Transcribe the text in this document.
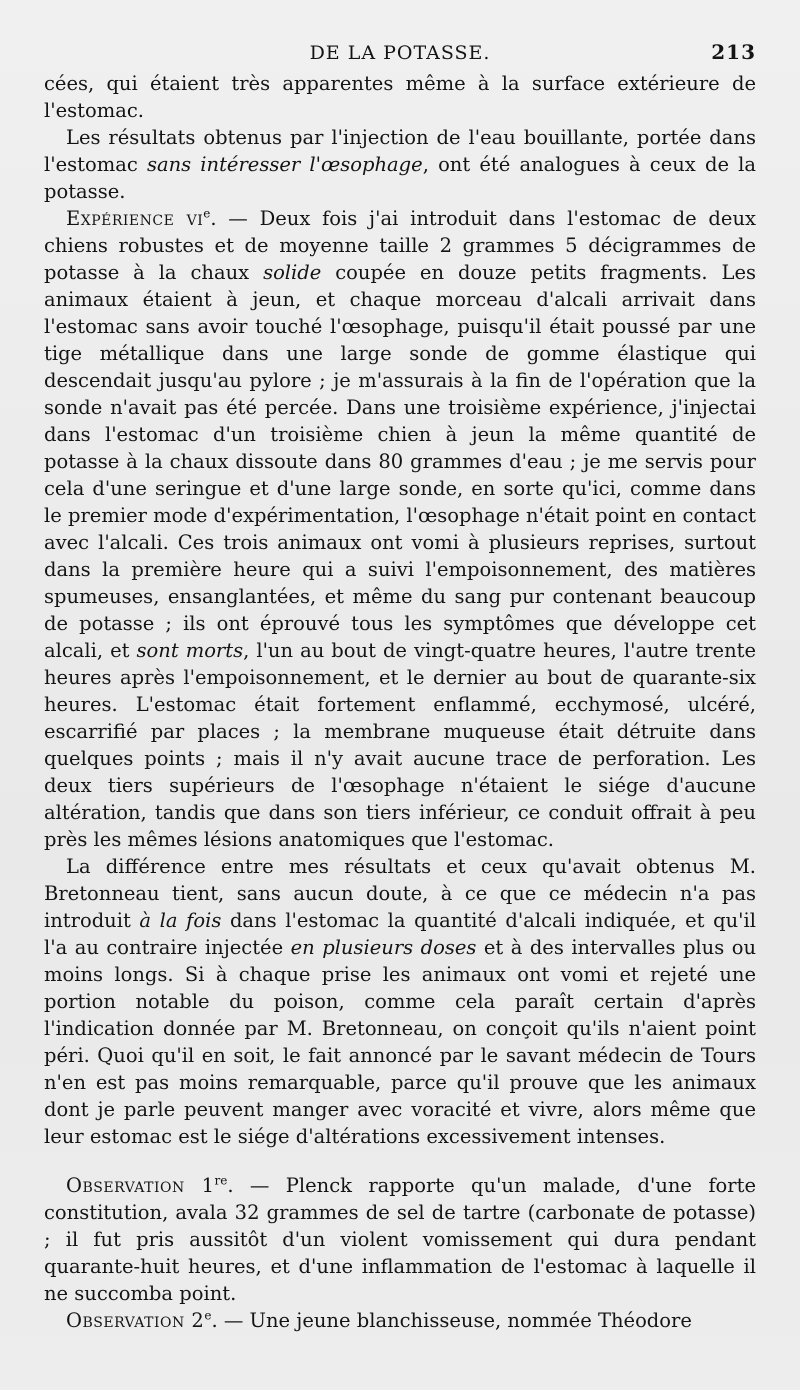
DE LA POTASSE.	213

cées, qui étaient très apparentes même à la surface extérieure de l'estomac.

Les résultats obtenus par l'injection de l'eau bouillante, portée dans l'estomac sans intéresser l'œsophage, ont été analogues à ceux de la potasse.

Expérience $vi^e$. — Deux fois j'ai introduit dans l'estomac de deux chiens robustes et de moyenne taille 2 grammes 5 décigrammes de potasse à la chaux solide coupée en douze petits fragments. Les animaux étaient à jeun, et chaque morceau d'alcali arrivait dans l'estomac sans avoir touché l'œsophage, puisqu'il était poussé par une tige métallique dans une large sonde de gomme élastique qui descendait jusqu'au pylore ; je m'assurais à la fin de l'opération que la sonde n'avait pas été percée. Dans une troisième expérience, j'injectai dans l'estomac d'un troisième chien à jeun la même quantité de potasse à la chaux dissoute dans 80 grammes d'eau ; je me servis pour cela d'une seringue et d'une large sonde, en sorte qu'ici, comme dans le premier mode d'expérimentation, l'œsophage n'était point en contact avec l'alcali. Ces trois animaux ont vomi à plusieurs reprises, surtout dans la première heure qui a suivi l'empoisonnement, des matières spumeuses, ensanglantées, et même du sang pur contenant beaucoup de potasse ; ils ont éprouvé tous les symptômes que développe cet alcali, et sont morts, l'un au bout de vingt-quatre heures, l'autre trente heures après l'empoisonnement, et le dernier au bout de quarante-six heures. L'estomac était fortement enflammé, ecchymosé, ulcéré, escarrifié par places ; la membrane muqueuse était détruite dans quelques points ; mais il n'y avait aucune trace de perforation. Les deux tiers supérieurs de l'œsophage n'étaient le siége d'aucune altération, tandis que dans son tiers inférieur, ce conduit offrait à peu près les mêmes lésions anatomiques que l'estomac.

La différence entre mes résultats et ceux qu'avait obtenus M. Bretonneau tient, sans aucun doute, à ce que ce médecin n'a pas introduit à la fois dans l'estomac la quantité d'alcali indiquée, et qu'il l'a au contraire injectée en plusieurs doses et à des intervalles plus ou moins longs. Si à chaque prise les animaux ont vomi et rejeté une portion notable du poison, comme cela paraît certain d'après l'indication donnée par M. Bretonneau, on conçoit qu'ils n'aient point péri. Quoi qu'il en soit, le fait annoncé par le savant médecin de Tours n'en est pas moins remarquable, parce qu'il prouve que les animaux dont je parle peuvent manger avec voracité et vivre, alors même que leur estomac est le siége d'altérations excessivement intenses.

Observation 1re. — Plenck rapporte qu'un malade, d'une forte constitution, avala 32 grammes de sel de tartre (carbonate de potasse) ; il fut pris aussitôt d'un violent vomissement qui dura pendant quarante-huit heures, et d'une inflammation de l'estomac à laquelle il ne succomba point.

Observation 2e. — Une jeune blanchisseuse, nommée Théodore
